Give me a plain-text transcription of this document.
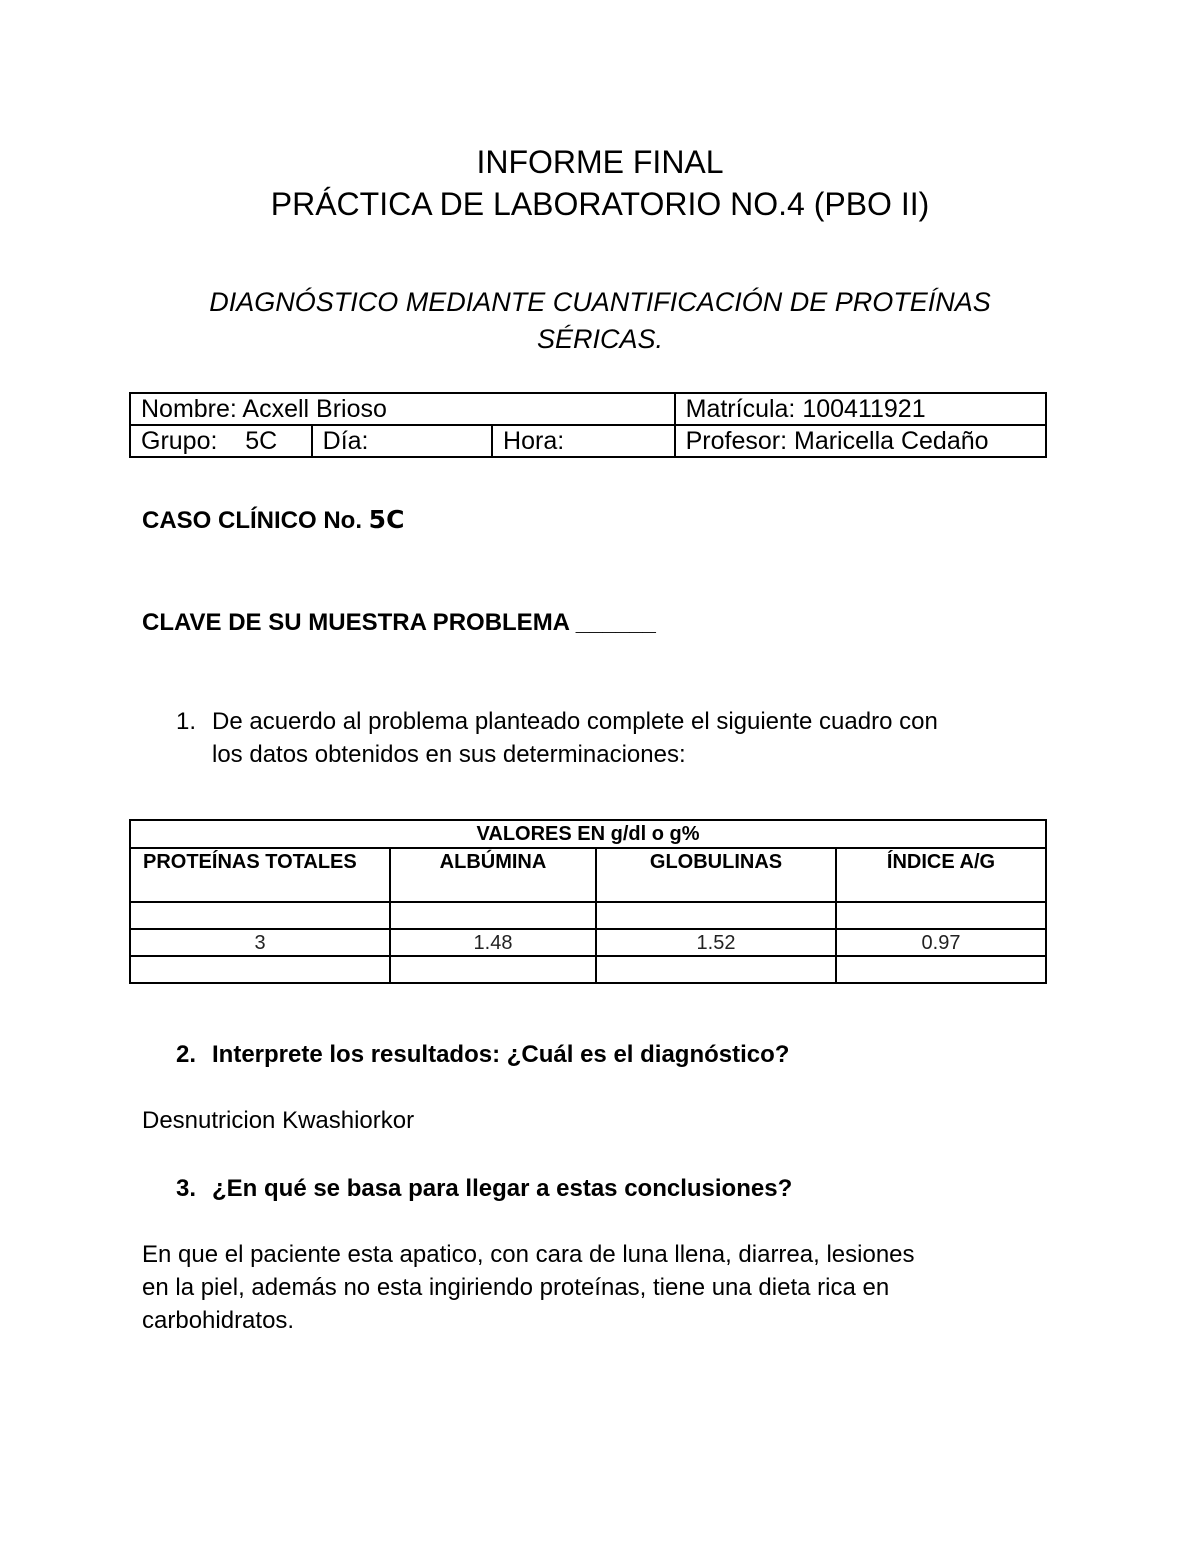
INFORME FINAL
PRÁCTICA DE LABORATORIO NO.4 (PBO II)
DIAGNÓSTICO MEDIANTE CUANTIFICACIÓN DE PROTEÍNAS
SÉRICAS.
Nombre: Acxell Brioso			Matrícula: 100411921
Grupo:    5C	Día:	Hora:	Profesor: Maricella Cedaño
CASO CLÍNICO No. 5C
CLAVE DE SU MUESTRA PROBLEMA ______
1. De acuerdo al problema planteado complete el siguiente cuadro con
los datos obtenidos en sus determinaciones:
VALORES EN g/dl o g%			
PROTEÍNAS TOTALES	ALBÚMINA	GLOBULINAS	ÍNDICE A/G

3	1.48	1.52	0.97

2. Interprete los resultados: ¿Cuál es el diagnóstico?
Desnutricion Kwashiorkor
3. ¿En qué se basa para llegar a estas conclusiones?
En que el paciente esta apatico, con cara de luna llena, diarrea, lesiones
en la piel, además no esta ingiriendo proteínas, tiene una dieta rica en
carbohidratos.
